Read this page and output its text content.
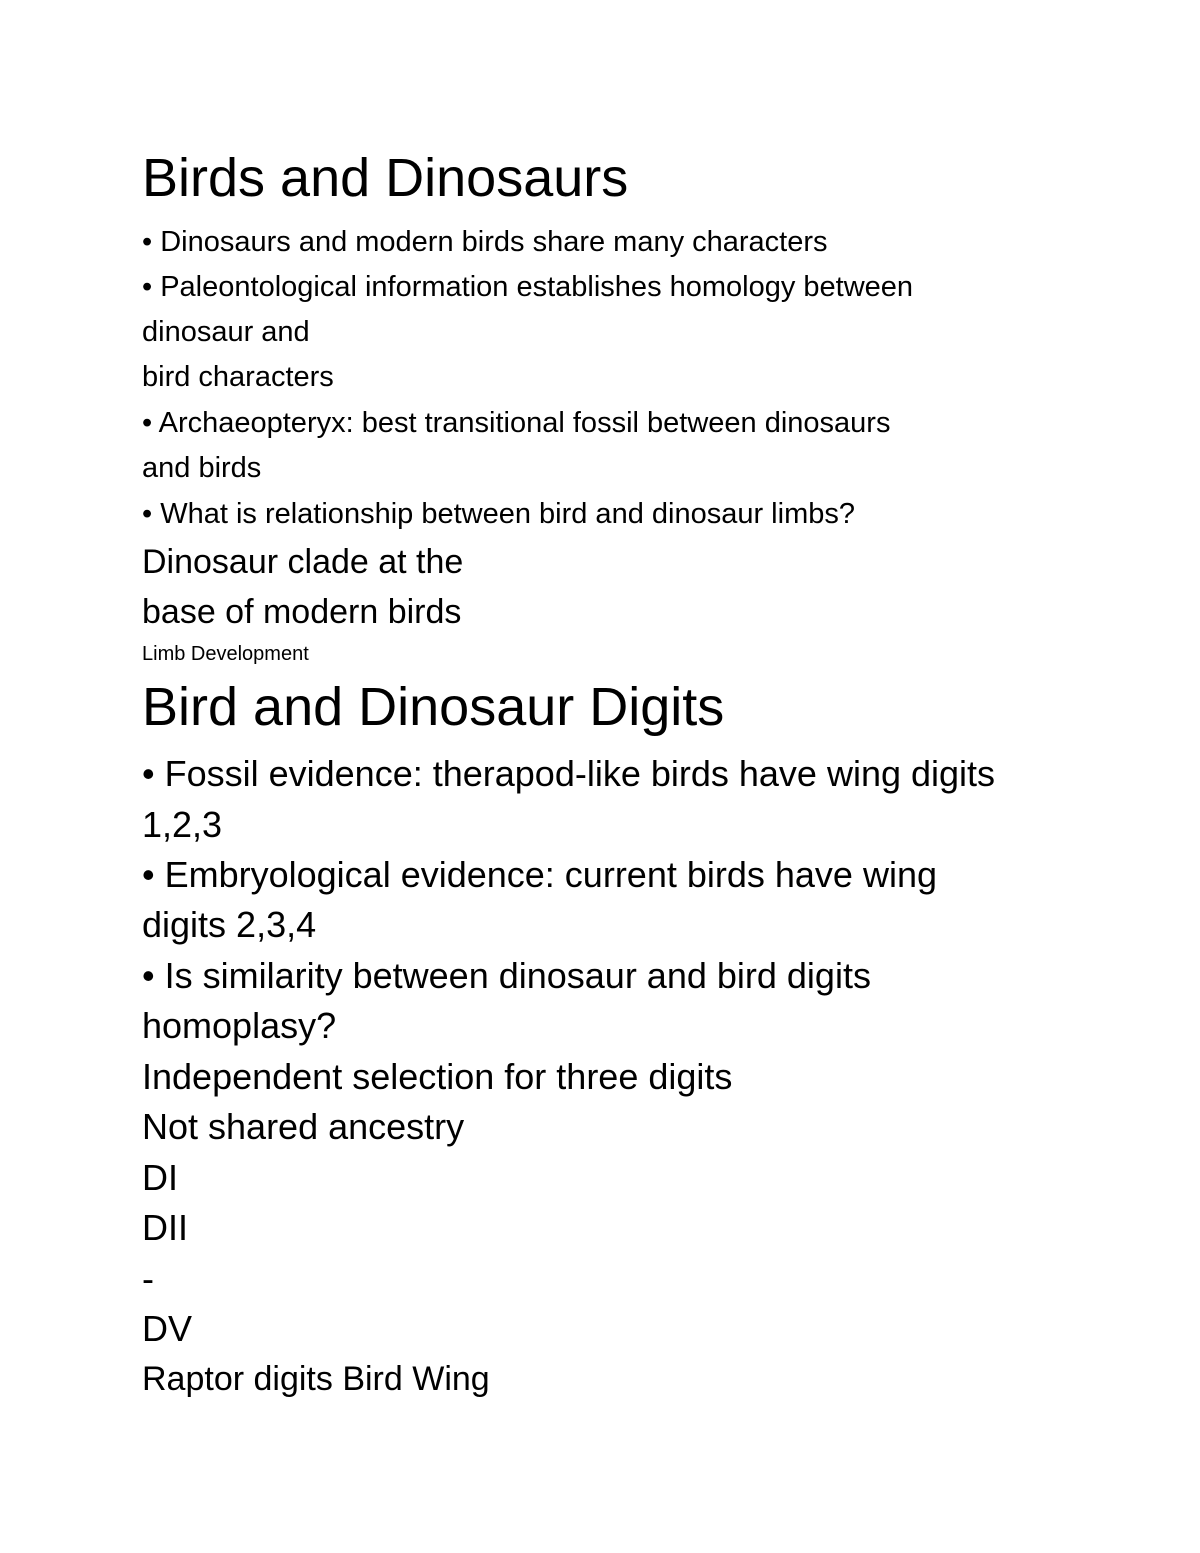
Birds and Dinosaurs

• Dinosaurs and modern birds share many characters

• Paleontological information establishes homology between

dinosaur and

bird characters

• Archaeopteryx: best transitional fossil between dinosaurs

and birds

• What is relationship between bird and dinosaur limbs?

Dinosaur clade at the

base of modern birds

Limb Development

Bird and Dinosaur Digits

• Fossil evidence: therapod-like birds have wing digits

1,2,3

• Embryological evidence: current birds have wing

digits 2,3,4

• Is similarity between dinosaur and bird digits

homoplasy?

Independent selection for three digits

Not shared ancestry

DI

DII

-

DV

Raptor digits Bird Wing
